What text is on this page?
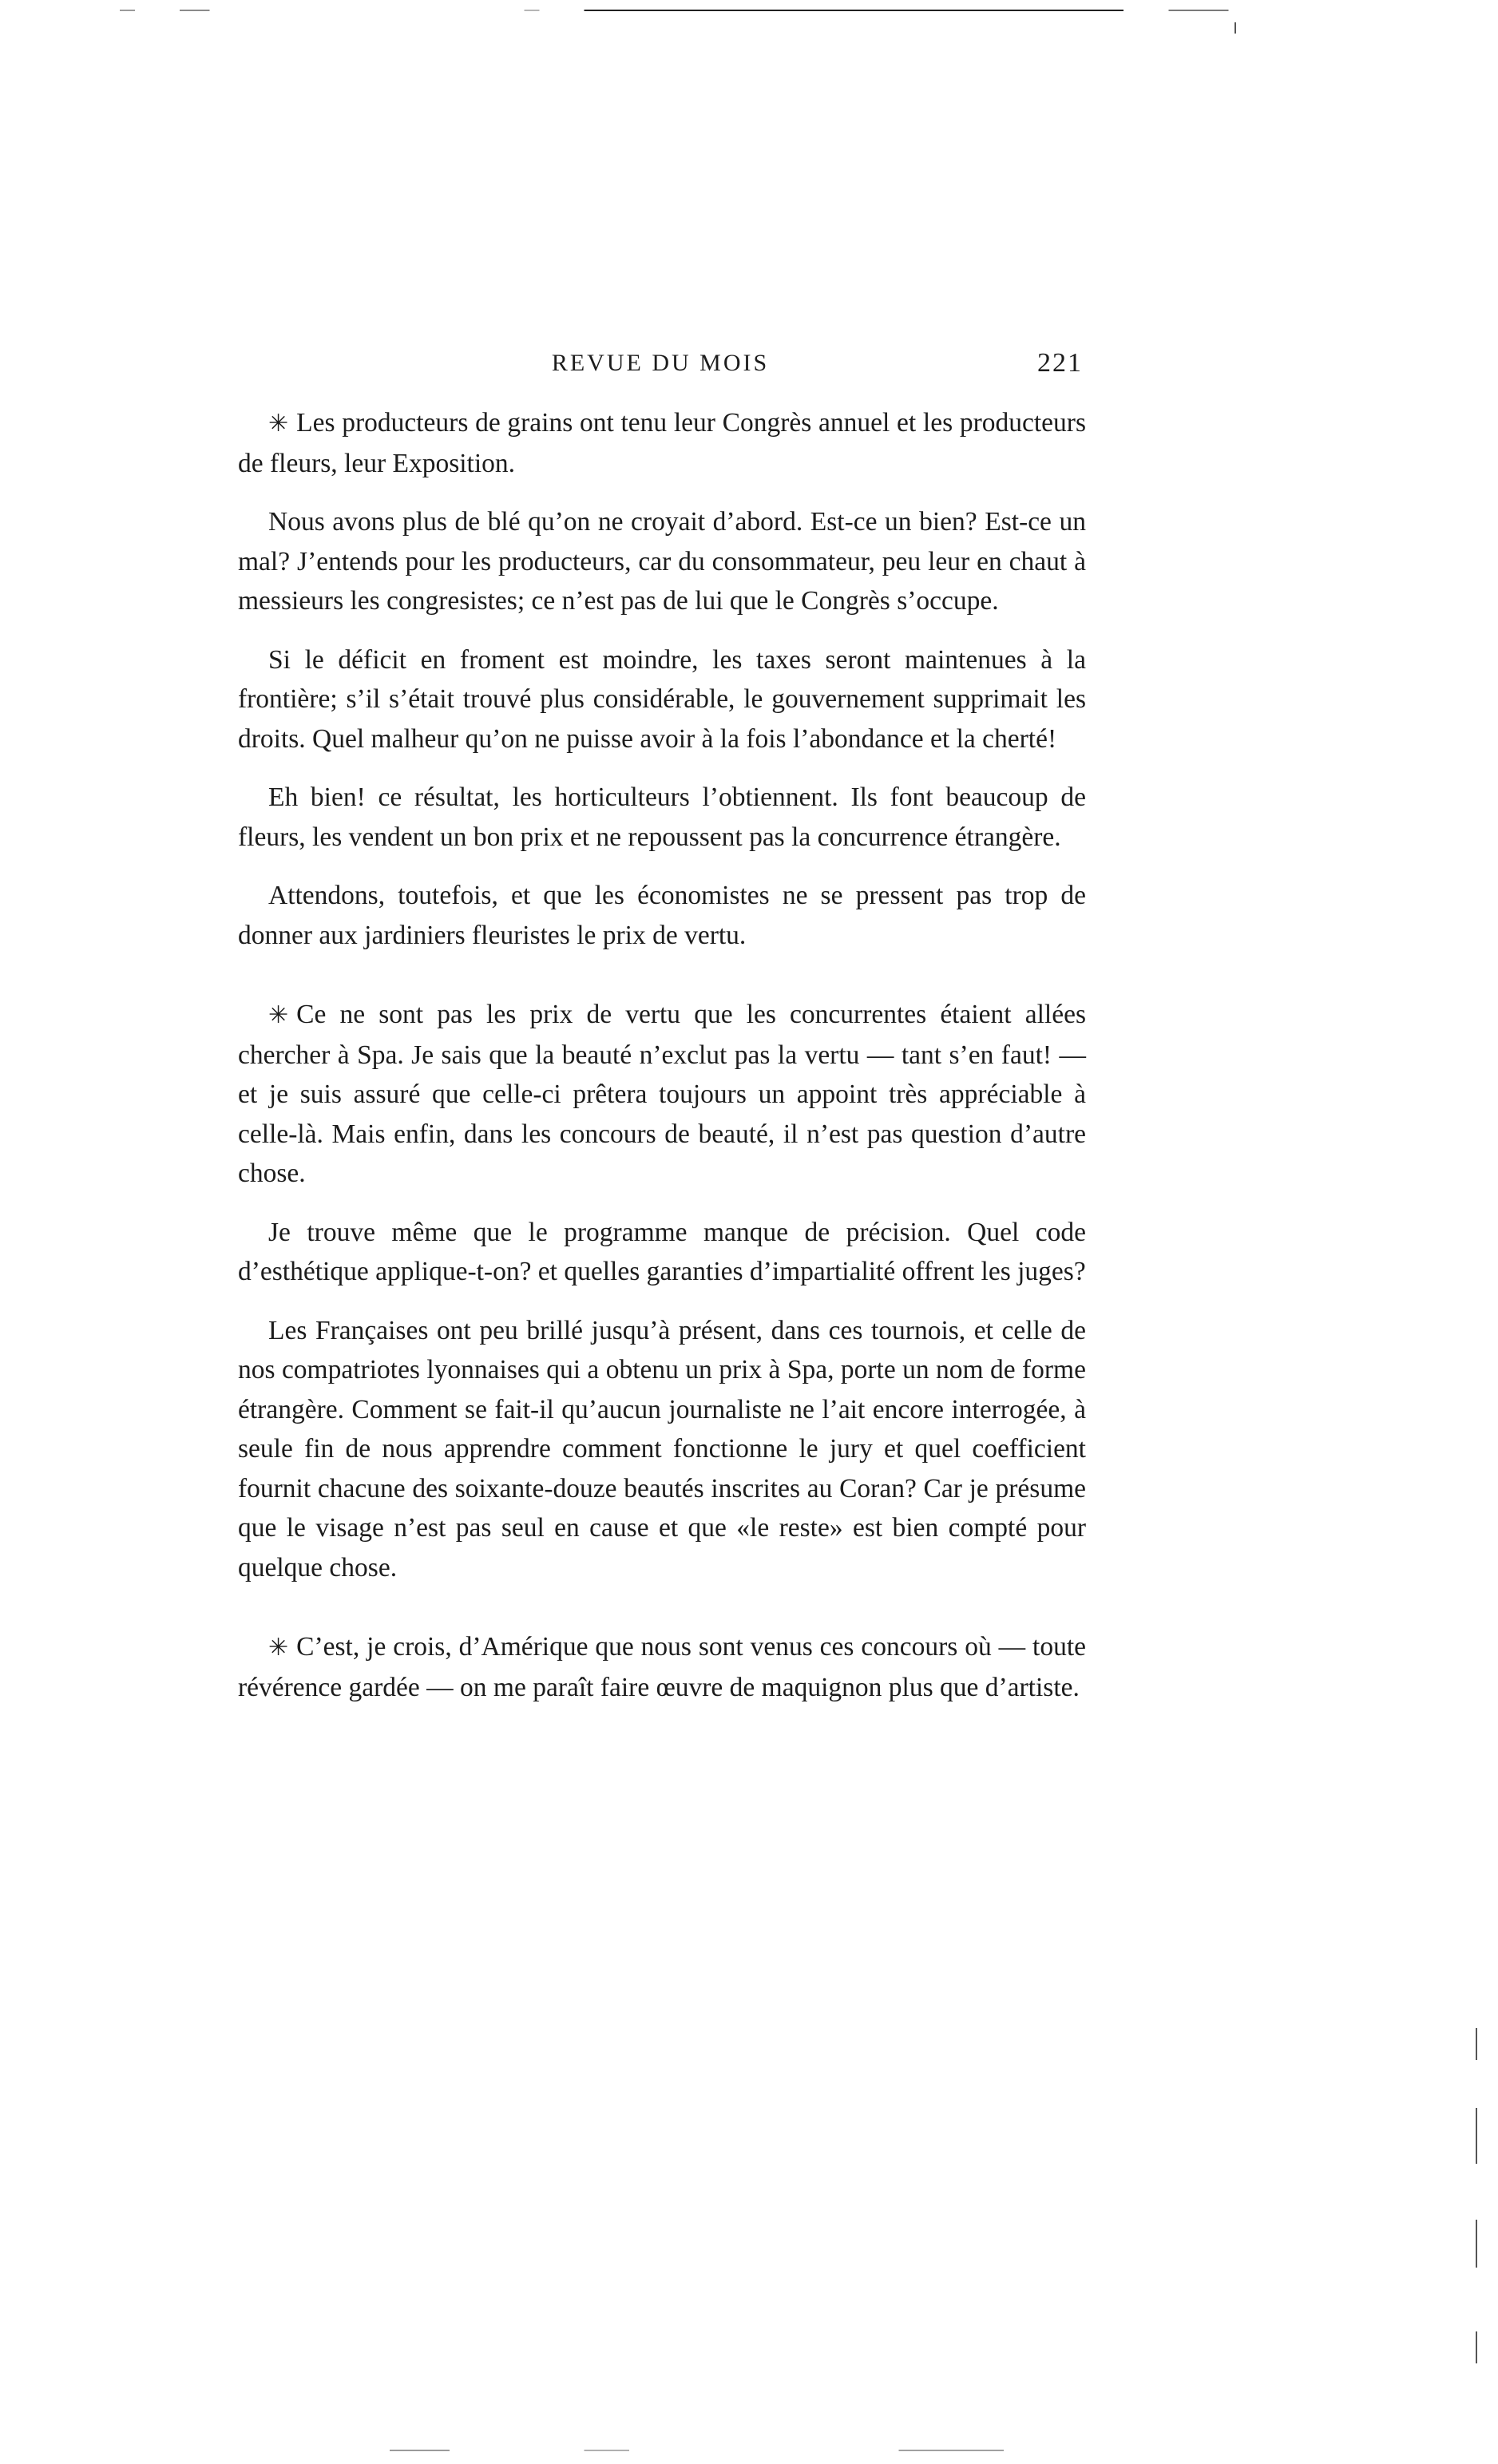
REVUE DU MOIS	221

✳ Les producteurs de grains ont tenu leur Congrès annuel et les producteurs de fleurs, leur Exposition.

Nous avons plus de blé qu’on ne croyait d’abord. Est-ce un bien? Est-ce un mal? J’entends pour les producteurs, car du consommateur, peu leur en chaut à messieurs les congresistes; ce n’est pas de lui que le Congrès s’occupe.

Si le déficit en froment est moindre, les taxes seront maintenues à la frontière; s’il s’était trouvé plus considérable, le gouvernement supprimait les droits. Quel malheur qu’on ne puisse avoir à la fois l’abondance et la cherté!

Eh bien! ce résultat, les horticulteurs l’obtiennent. Ils font beaucoup de fleurs, les vendent un bon prix et ne repoussent pas la concurrence étrangère.

Attendons, toutefois, et que les économistes ne se pressent pas trop de donner aux jardiniers fleuristes le prix de vertu.

✳ Ce ne sont pas les prix de vertu que les concurrentes étaient allées chercher à Spa. Je sais que la beauté n’exclut pas la vertu — tant s’en faut! — et je suis assuré que celle-ci prêtera toujours un appoint très appréciable à celle-là. Mais enfin, dans les concours de beauté, il n’est pas question d’autre chose.

Je trouve même que le programme manque de précision. Quel code d’esthétique applique-t-on? et quelles garanties d’impartialité offrent les juges?

Les Françaises ont peu brillé jusqu’à présent, dans ces tournois, et celle de nos compatriotes lyonnaises qui a obtenu un prix à Spa, porte un nom de forme étrangère. Comment se fait-il qu’aucun journaliste ne l’ait encore interrogée, à seule fin de nous apprendre comment fonctionne le jury et quel coefficient fournit chacune des soixante-douze beautés inscrites au Coran? Car je présume que le visage n’est pas seul en cause et que «le reste» est bien compté pour quelque chose.

✳ C’est, je crois, d’Amérique que nous sont venus ces concours où — toute révérence gardée — on me paraît faire œuvre de maquignon plus que d’artiste.
